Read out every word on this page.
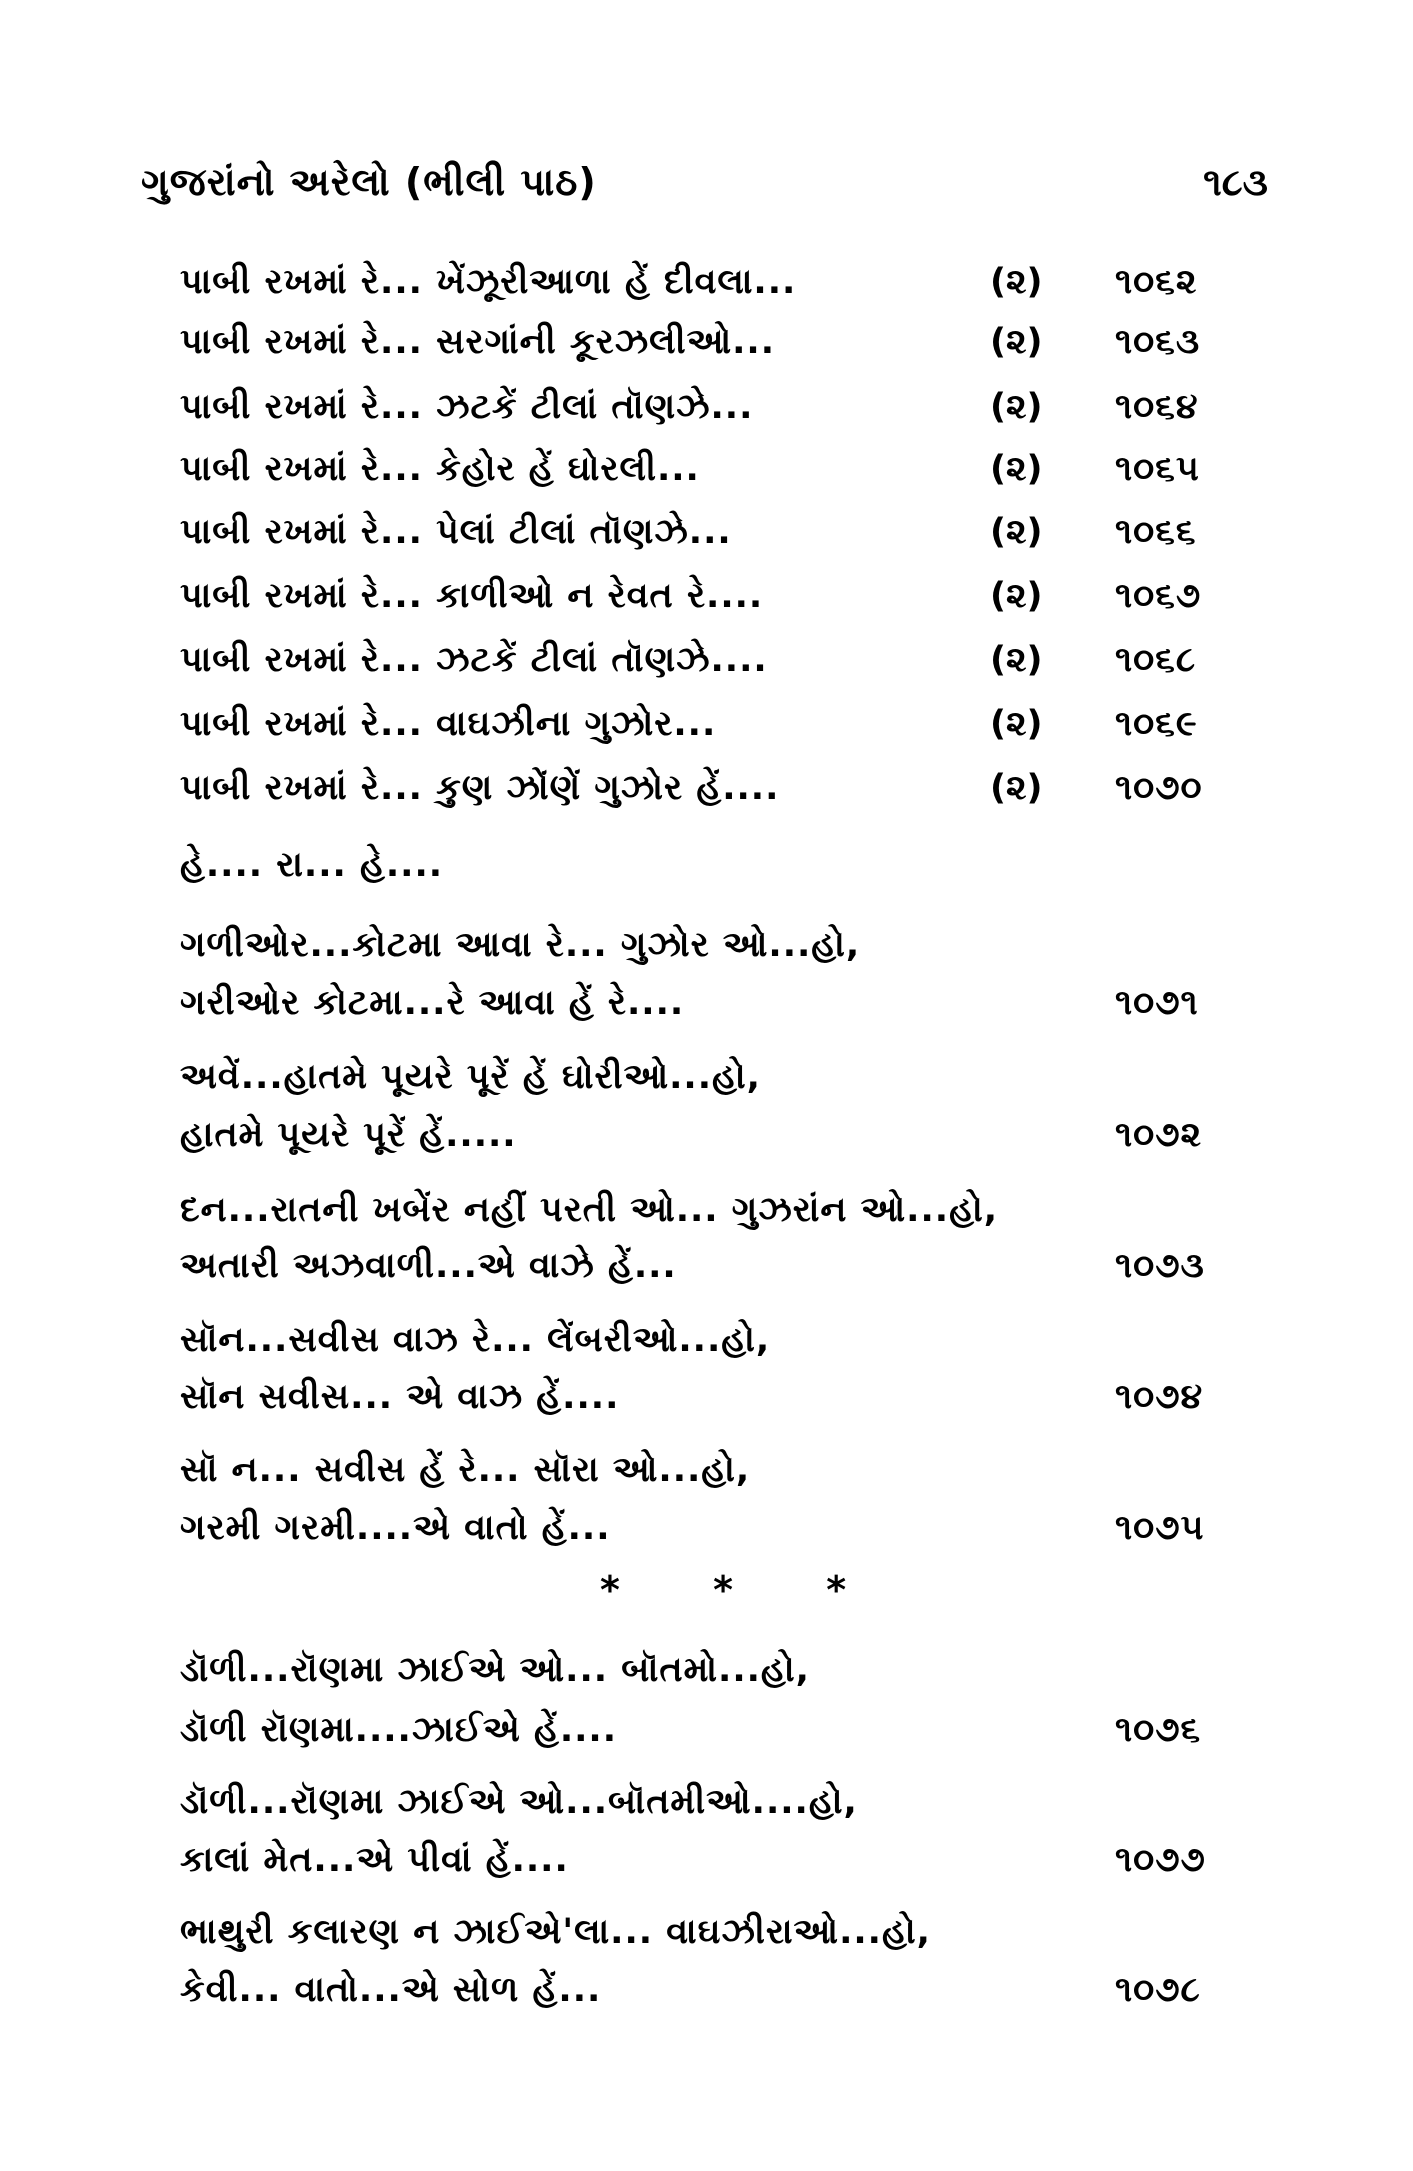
ગુજરાંનો અરેલો (ભીલી પાઠ)	૧૮૩
પાબી રખમાં રે... ખેંઝૂરીઆળા હેં દીવલા...	(૨) ૧૦૬૨
પાબી રખમાં રે... સરગાંની કૂરઝલીઓ...	(૨) ૧૦૬૩
પાબી રખમાં રે... ઝટકેં ટીલાં તૉણઝે...	(૨) ૧૦૬૪
પાબી રખમાં રે... કેહોર હેં ઘોરલી...	(૨) ૧૦૬૫
પાબી રખમાં રે... પેલાં ટીલાં તૉણઝે...	(૨) ૧૦૬૬
પાબી રખમાં રે... કાળીઓ ન રેવત રે....	(૨) ૧૦૬૭
પાબી રખમાં રે... ઝટકેં ટીલાં તૉણઝે....	(૨) ૧૦૬૮
પાબી રખમાં રે... વાઘઝીના ગુઝોર...	(૨) ૧૦૬૯
પાબી રખમાં રે... કુણ ઝોંણેં ગુઝોર હેં....	(૨) ૧૦૭૦
હે.... રા... હે....
ગળીઓર...કોટમા આવા રે... ગુઝોર ઓ...હો,
ગરીઓર કોટમા...રે આવા હેં રે....	૧૦૭૧
અવેં...હાતમે પૂયરે પૂરેં હેં ઘોરીઓ...હો,
હાતમે પૂયરે પૂરેં હેં.....	૧૦૭૨
દન...રાતની ખબેંર નહીં પરતી ઓ... ગુઝરાંન ઓ...હો,
અતારી અઝવાળી...એ વાઝે હેં...	૧૦૭૩
સૉન...સવીસ વાઝ રે... લેંબરીઓ...હો,
સૉન સવીસ... એ વાઝ હેં....	૧૦૭૪
સૉ ન... સવીસ હેં રે... સૉરા ઓ...હો,
ગરમી ગરમી....એ વાતો હેં...	૧૦૭૫
* * *
ડૉળી...રૉણમા ઝાઈએ ઓ... બૉતમો...હો,
ડૉળી રૉણમા....ઝાઈએ હેં....	૧૦૭૬
ડૉળી...રૉણમા ઝાઈએ ઓ...બૉતમીઓ....હો,
કાલાં મેત...એ પીવાં હેં....	૧૦૭૭
ભાથુરી કલારણ ન ઝાઈએ'લા... વાઘઝીરાઓ...હો,
કેવી... વાતો...એ સોળ હેં...	૧૦૭૮
